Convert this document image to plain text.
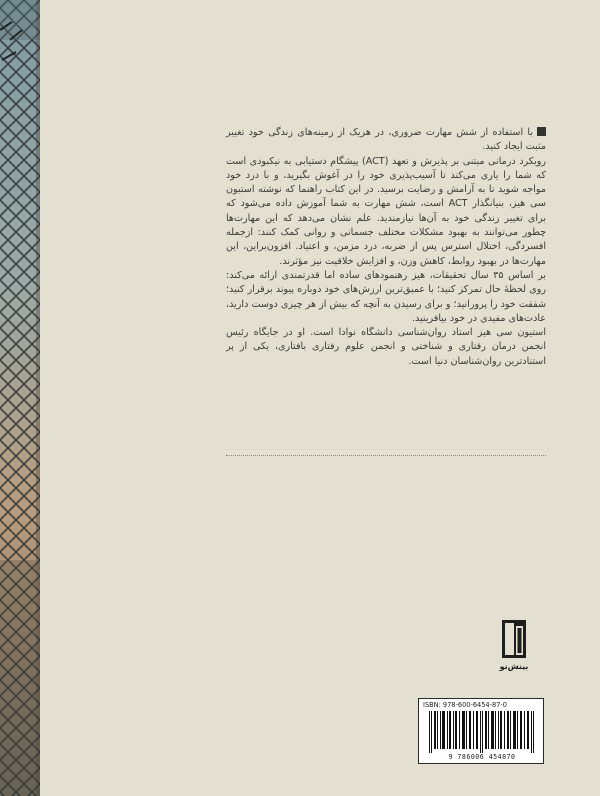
با استفاده از شش مهارت ضروری، در هریک از زمینه‌های زندگی خود تغییر مثبت ایجاد کنید.

رویکرد درمانی مبتنی بر پذیرش و تعهد (ACT) پیشگام دستیابی به نیکبودی است که شما را یاری می‌کند تا آسیب‌پذیری خود را در آغوش بگیرید، و با درد خود مواجه شوید تا به آرامش و رضایت برسید. در این کتاب راهنما که نوشته استیون سی هیز، بنیانگذار ACT است، شش مهارت به شما آموزش داده می‌شود که برای تغییر زندگی خود به آن‌ها نیازمندید. علم نشان می‌دهد که این مهارت‌ها چطور می‌توانند به بهبود مشکلات مختلف جسمانی و روانی کمک کنند: ازجمله افسردگی، اختلال استرس پس از ضربه، درد مزمن، و اعتیاد. افزون‌براین، این مهارت‌ها در بهبود روابط، کاهش وزن، و افزایش خلاقیت نیز مؤثرند.

بر اساس ۳۵ سال تحقیقات، هیز رهنمودهای ساده اما قدرتمندی ارائه می‌کند: روی لحظهٔ حال تمرکز کنید؛ با عمیق‌ترین ارزش‌های خود دوباره پیوند برقرار کنید؛ شفقت خود را پرورانید؛ و برای رسیدن به آنچه که بیش از هر چیزی دوست دارید، عادت‌های مفیدی در خود بیافرینید.

استیون سی هیز استاد روان‌شناسی دانشگاه نوادا است. او در جایگاه رئیس انجمن درمان رفتاری و شناختی و انجمن علوم رفتاری بافتاری، یکی از پر استنادترین روان‌شناسان دنیا است.

بینش‌نو
ISBN: 978-600-6454-87-0
9 786006 454870
